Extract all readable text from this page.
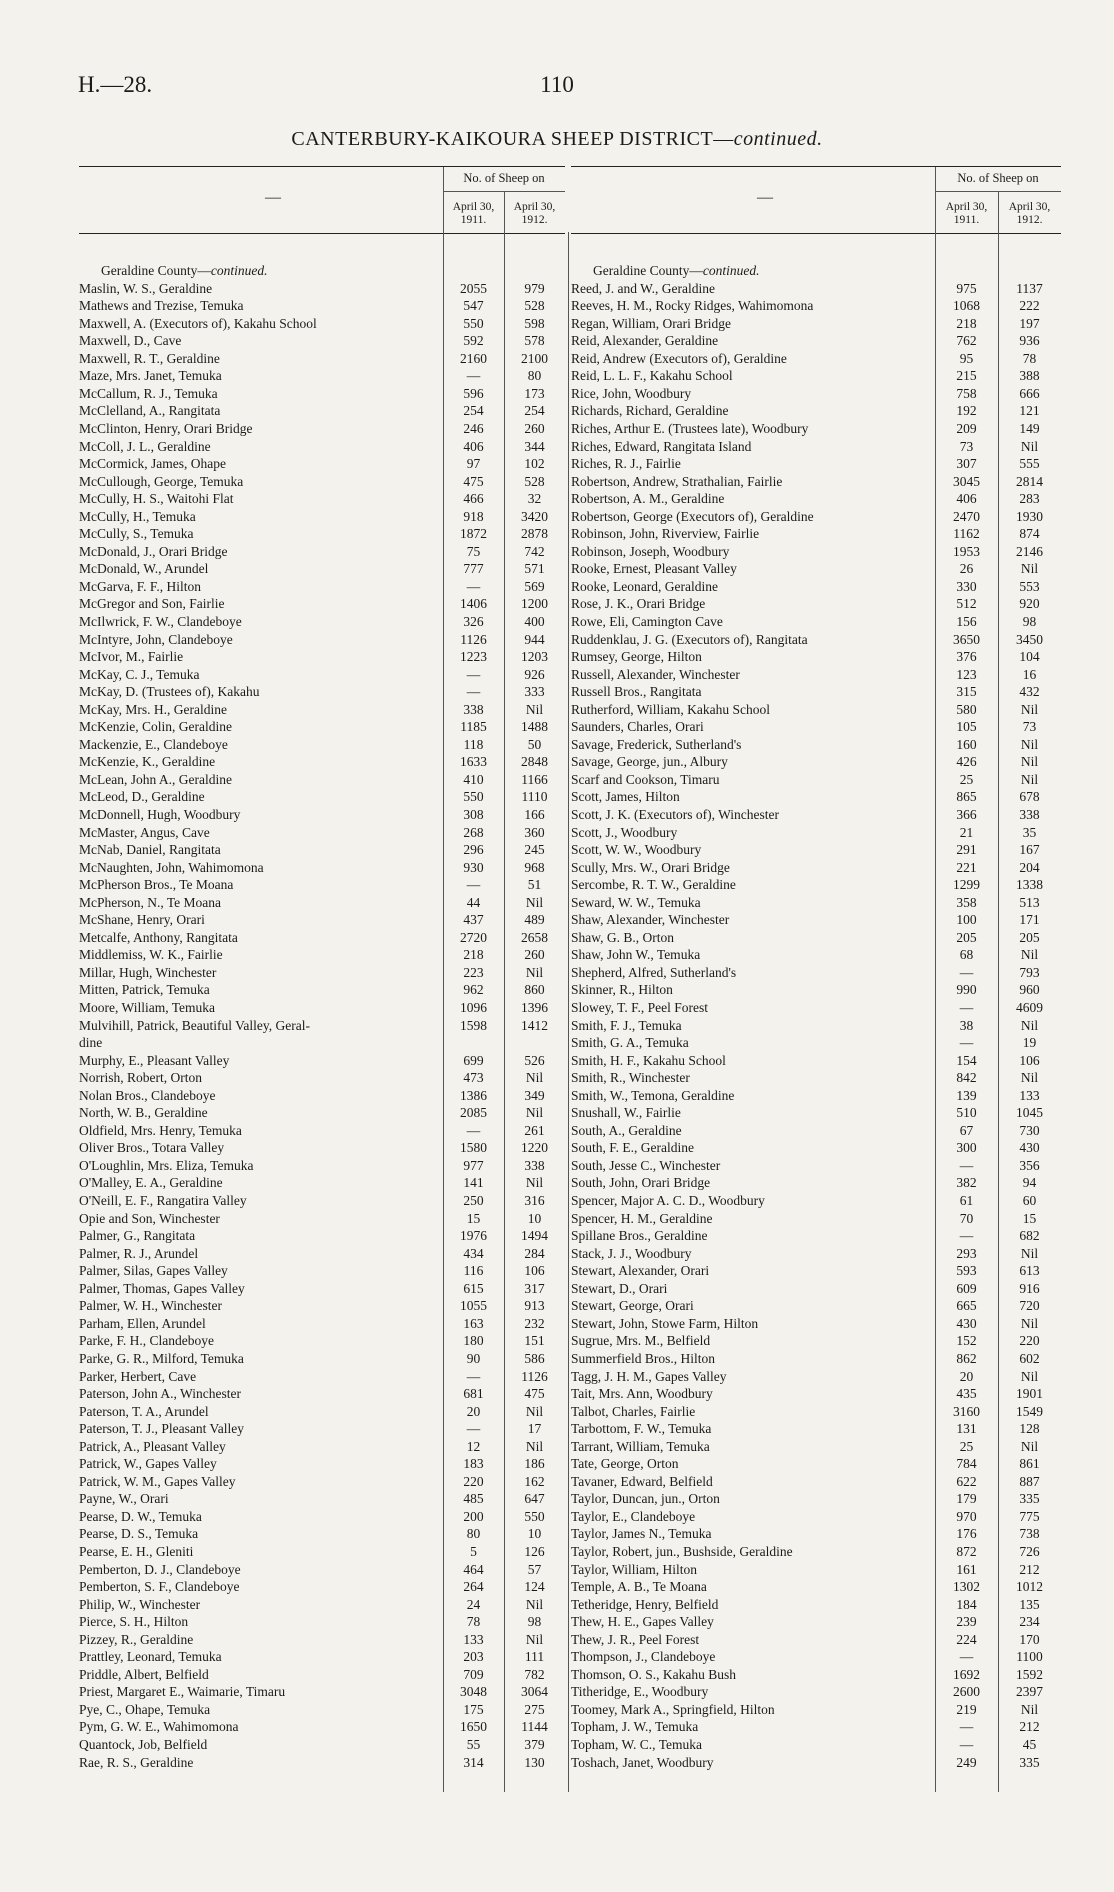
H.—28.	110
CANTERBURY-KAIKOURA SHEEP DISTRICT—continued.
—
No. of Sheep on
April 30,
1911.
April 30,
1912.
Geraldine County—continued.
Maslin, W. S., Geraldine	2055	979
Mathews and Trezise, Temuka	547	528
Maxwell, A. (Executors of), Kakahu School	550	598
Maxwell, D., Cave	592	578
Maxwell, R. T., Geraldine	2160	2100
Maze, Mrs. Janet, Temuka	—	80
McCallum, R. J., Temuka	596	173
McClelland, A., Rangitata	254	254
McClinton, Henry, Orari Bridge	246	260
McColl, J. L., Geraldine	406	344
McCormick, James, Ohape	97	102
McCullough, George, Temuka	475	528
McCully, H. S., Waitohi Flat	466	32
McCully, H., Temuka	918	3420
McCully, S., Temuka	1872	2878
McDonald, J., Orari Bridge	75	742
McDonald, W., Arundel	777	571
McGarva, F. F., Hilton	—	569
McGregor and Son, Fairlie	1406	1200
McIlwrick, F. W., Clandeboye	326	400
McIntyre, John, Clandeboye	1126	944
McIvor, M., Fairlie	1223	1203
McKay, C. J., Temuka	—	926
McKay, D. (Trustees of), Kakahu	—	333
McKay, Mrs. H., Geraldine	338	Nil
McKenzie, Colin, Geraldine	1185	1488
Mackenzie, E., Clandeboye	118	50
McKenzie, K., Geraldine	1633	2848
McLean, John A., Geraldine	410	1166
McLeod, D., Geraldine	550	1110
McDonnell, Hugh, Woodbury	308	166
McMaster, Angus, Cave	268	360
McNab, Daniel, Rangitata	296	245
McNaughten, John, Wahimomona	930	968
McPherson Bros., Te Moana	—	51
McPherson, N., Te Moana	44	Nil
McShane, Henry, Orari	437	489
Metcalfe, Anthony, Rangitata	2720	2658
Middlemiss, W. K., Fairlie	218	260
Millar, Hugh, Winchester	223	Nil
Mitten, Patrick, Temuka	962	860
Moore, William, Temuka	1096	1396
Mulvihill, Patrick, Beautiful Valley, Geral-	1598	1412
dine
Murphy, E., Pleasant Valley	699	526
Norrish, Robert, Orton	473	Nil
Nolan Bros., Clandeboye	1386	349
North, W. B., Geraldine	2085	Nil
Oldfield, Mrs. Henry, Temuka	—	261
Oliver Bros., Totara Valley	1580	1220
O'Loughlin, Mrs. Eliza, Temuka	977	338
O'Malley, E. A., Geraldine	141	Nil
O'Neill, E. F., Rangatira Valley	250	316
Opie and Son, Winchester	15	10
Palmer, G., Rangitata	1976	1494
Palmer, R. J., Arundel	434	284
Palmer, Silas, Gapes Valley	116	106
Palmer, Thomas, Gapes Valley	615	317
Palmer, W. H., Winchester	1055	913
Parham, Ellen, Arundel	163	232
Parke, F. H., Clandeboye	180	151
Parke, G. R., Milford, Temuka	90	586
Parker, Herbert, Cave	—	1126
Paterson, John A., Winchester	681	475
Paterson, T. A., Arundel	20	Nil
Paterson, T. J., Pleasant Valley	—	17
Patrick, A., Pleasant Valley	12	Nil
Patrick, W., Gapes Valley	183	186
Patrick, W. M., Gapes Valley	220	162
Payne, W., Orari	485	647
Pearse, D. W., Temuka	200	550
Pearse, D. S., Temuka	80	10
Pearse, E. H., Gleniti	5	126
Pemberton, D. J., Clandeboye	464	57
Pemberton, S. F., Clandeboye	264	124
Philip, W., Winchester	24	Nil
Pierce, S. H., Hilton	78	98
Pizzey, R., Geraldine	133	Nil
Prattley, Leonard, Temuka	203	111
Priddle, Albert, Belfield	709	782
Priest, Margaret E., Waimarie, Timaru	3048	3064
Pye, C., Ohape, Temuka	175	275
Pym, G. W. E., Wahimomona	1650	1144
Quantock, Job, Belfield	55	379
Rae, R. S., Geraldine	314	130
—
No. of Sheep on
April 30,
1911.
April 30,
1912.
Geraldine County—continued.
Reed, J. and W., Geraldine	975	1137
Reeves, H. M., Rocky Ridges, Wahimomona	1068	222
Regan, William, Orari Bridge	218	197
Reid, Alexander, Geraldine	762	936
Reid, Andrew (Executors of), Geraldine	95	78
Reid, L. L. F., Kakahu School	215	388
Rice, John, Woodbury	758	666
Richards, Richard, Geraldine	192	121
Riches, Arthur E. (Trustees late), Woodbury	209	149
Riches, Edward, Rangitata Island	73	Nil
Riches, R. J., Fairlie	307	555
Robertson, Andrew, Strathalian, Fairlie	3045	2814
Robertson, A. M., Geraldine	406	283
Robertson, George (Executors of), Geraldine	2470	1930
Robinson, John, Riverview, Fairlie	1162	874
Robinson, Joseph, Woodbury	1953	2146
Rooke, Ernest, Pleasant Valley	26	Nil
Rooke, Leonard, Geraldine	330	553
Rose, J. K., Orari Bridge	512	920
Rowe, Eli, Camington Cave	156	98
Ruddenklau, J. G. (Executors of), Rangitata	3650	3450
Rumsey, George, Hilton	376	104
Russell, Alexander, Winchester	123	16
Russell Bros., Rangitata	315	432
Rutherford, William, Kakahu School	580	Nil
Saunders, Charles, Orari	105	73
Savage, Frederick, Sutherland's	160	Nil
Savage, George, jun., Albury	426	Nil
Scarf and Cookson, Timaru	25	Nil
Scott, James, Hilton	865	678
Scott, J. K. (Executors of), Winchester	366	338
Scott, J., Woodbury	21	35
Scott, W. W., Woodbury	291	167
Scully, Mrs. W., Orari Bridge	221	204
Sercombe, R. T. W., Geraldine	1299	1338
Seward, W. W., Temuka	358	513
Shaw, Alexander, Winchester	100	171
Shaw, G. B., Orton	205	205
Shaw, John W., Temuka	68	Nil
Shepherd, Alfred, Sutherland's	—	793
Skinner, R., Hilton	990	960
Slowey, T. F., Peel Forest	—	4609
Smith, F. J., Temuka	38	Nil
Smith, G. A., Temuka	—	19
Smith, H. F., Kakahu School	154	106
Smith, R., Winchester	842	Nil
Smith, W., Temona, Geraldine	139	133
Snushall, W., Fairlie	510	1045
South, A., Geraldine	67	730
South, F. E., Geraldine	300	430
South, Jesse C., Winchester	—	356
South, John, Orari Bridge	382	94
Spencer, Major A. C. D., Woodbury	61	60
Spencer, H. M., Geraldine	70	15
Spillane Bros., Geraldine	—	682
Stack, J. J., Woodbury	293	Nil
Stewart, Alexander, Orari	593	613
Stewart, D., Orari	609	916
Stewart, George, Orari	665	720
Stewart, John, Stowe Farm, Hilton	430	Nil
Sugrue, Mrs. M., Belfield	152	220
Summerfield Bros., Hilton	862	602
Tagg, J. H. M., Gapes Valley	20	Nil
Tait, Mrs. Ann, Woodbury	435	1901
Talbot, Charles, Fairlie	3160	1549
Tarbottom, F. W., Temuka	131	128
Tarrant, William, Temuka	25	Nil
Tate, George, Orton	784	861
Tavaner, Edward, Belfield	622	887
Taylor, Duncan, jun., Orton	179	335
Taylor, E., Clandeboye	970	775
Taylor, James N., Temuka	176	738
Taylor, Robert, jun., Bushside, Geraldine	872	726
Taylor, William, Hilton	161	212
Temple, A. B., Te Moana	1302	1012
Tetheridge, Henry, Belfield	184	135
Thew, H. E., Gapes Valley	239	234
Thew, J. R., Peel Forest	224	170
Thompson, J., Clandeboye	—	1100
Thomson, O. S., Kakahu Bush	1692	1592
Titheridge, E., Woodbury	2600	2397
Toomey, Mark A., Springfield, Hilton	219	Nil
Topham, J. W., Temuka	—	212
Topham, W. C., Temuka	—	45
Toshach, Janet, Woodbury	249	335
